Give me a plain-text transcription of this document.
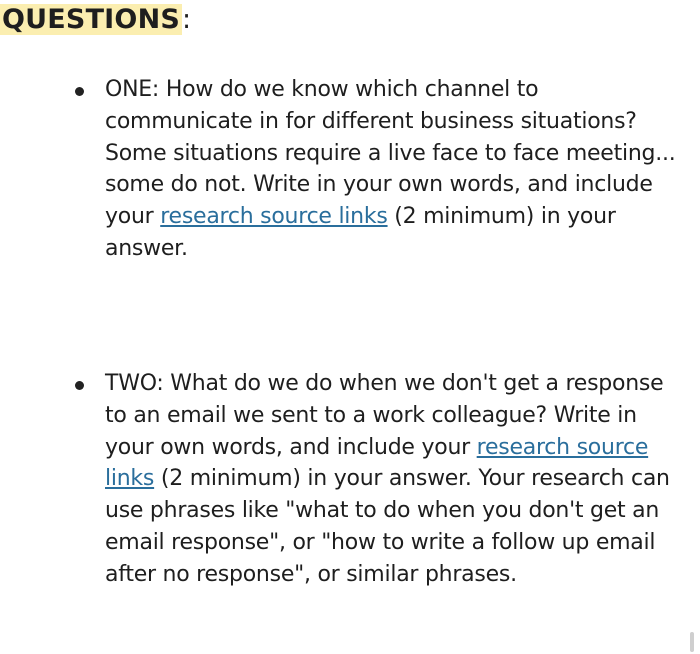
QUESTIONS:
ONE: How do we know which channel to communicate in for different business situations? Some situations require a live face to face meeting... some do not. Write in your own words, and include your research source links (2 minimum) in your answer.
TWO: What do we do when we don't get a response to an email we sent to a work colleague? Write in your own words, and include your research source links (2 minimum) in your answer. Your research can use phrases like "what to do when you don't get an email response", or "how to write a follow up email after no response", or similar phrases.
